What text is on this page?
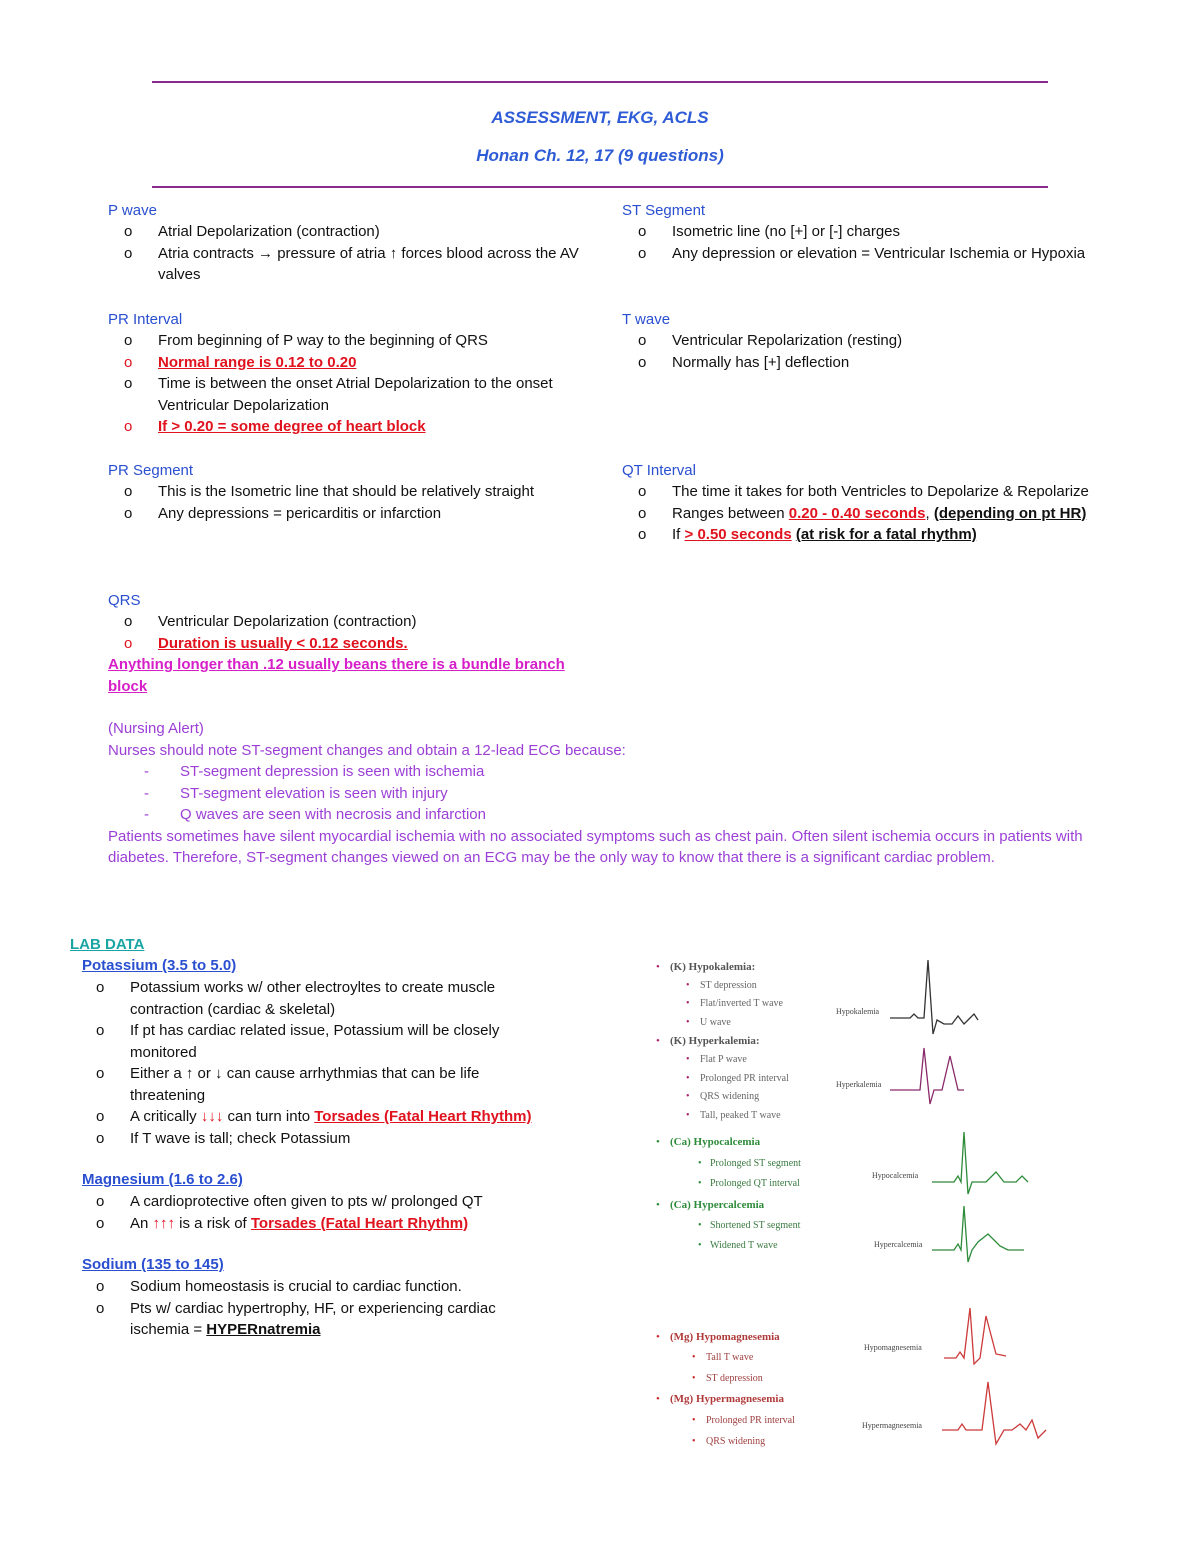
ASSESSMENT, EKG, ACLS
Honan Ch. 12, 17 (9 questions)
P wave
o	Atrial Depolarization (contraction)
o	Atria contracts → pressure of atria ↑ forces blood across the AV valves
PR Interval
o	From beginning of P way to the beginning of QRS
o	Normal range is 0.12 to 0.20
o	Time is between the onset Atrial Depolarization to the onset Ventricular Depolarization
o	If > 0.20 = some degree of heart block
PR Segment
o	This is the Isometric line that should be relatively straight
o	Any depressions = pericarditis or infarction
QRS
o	Ventricular Depolarization (contraction)
o	Duration is usually < 0.12 seconds.
Anything longer than .12 usually beans there is a bundle branch block
ST Segment
o	Isometric line (no [+] or [-] charges
o	Any depression or elevation = Ventricular Ischemia or Hypoxia
T wave
o	Ventricular Repolarization (resting)
o	Normally has [+] deflection
QT Interval
o	The time it takes for both Ventricles to Depolarize & Repolarize
o	Ranges between 0.20 - 0.40 seconds, (depending on pt HR)
o	If > 0.50 seconds (at risk for a fatal rhythm)
(Nursing Alert)
Nurses should note ST-segment changes and obtain a 12-lead ECG because:
-	ST-segment depression is seen with ischemia
-	ST-segment elevation is seen with injury
-	Q waves are seen with necrosis and infarction
Patients sometimes have silent myocardial ischemia with no associated symptoms such as chest pain. Often silent ischemia occurs in patients with diabetes. Therefore, ST-segment changes viewed on an ECG may be the only way to know that there is a significant cardiac problem.
LAB DATA
Potassium (3.5 to 5.0)
o	Potassium works w/ other electroyltes to create muscle contraction (cardiac & skeletal)
o	If pt has cardiac related issue, Potassium will be closely monitored
o	Either a ↑ or ↓ can cause arrhythmias that can be life threatening
o	A critically ↓↓↓ can turn into Torsades (Fatal Heart Rhythm)
o	If T wave is tall; check Potassium
Magnesium (1.6 to 2.6)
o	A cardioprotective often given to pts w/ prolonged QT
o	An ↑↑↑ is a risk of Torsades (Fatal Heart Rhythm)
Sodium (135 to 145)
o	Sodium homeostasis is crucial to cardiac function.
o	Pts w/ cardiac hypertrophy, HF, or experiencing cardiac ischemia = HYPERnatremia
• (K) Hypokalemia:
• ST depression
• Flat/inverted T wave
• U wave
Hypokalemia
• (K) Hyperkalemia:
• Flat P wave
• Prolonged PR interval
• QRS widening
• Tall, peaked T wave
Hyperkalemia
• (Ca) Hypocalcemia
• Prolonged ST segment
• Prolonged QT interval
Hypocalcemia
• (Ca) Hypercalcemia
• Shortened ST segment
• Widened T wave	Hypercalcemia
• (Mg) Hypomagnesemia
• Tall T wave
• ST depression
Hypomagnesemia
• (Mg) Hypermagnesemia
• Prolonged PR interval
• QRS widening
Hypermagnesemia
